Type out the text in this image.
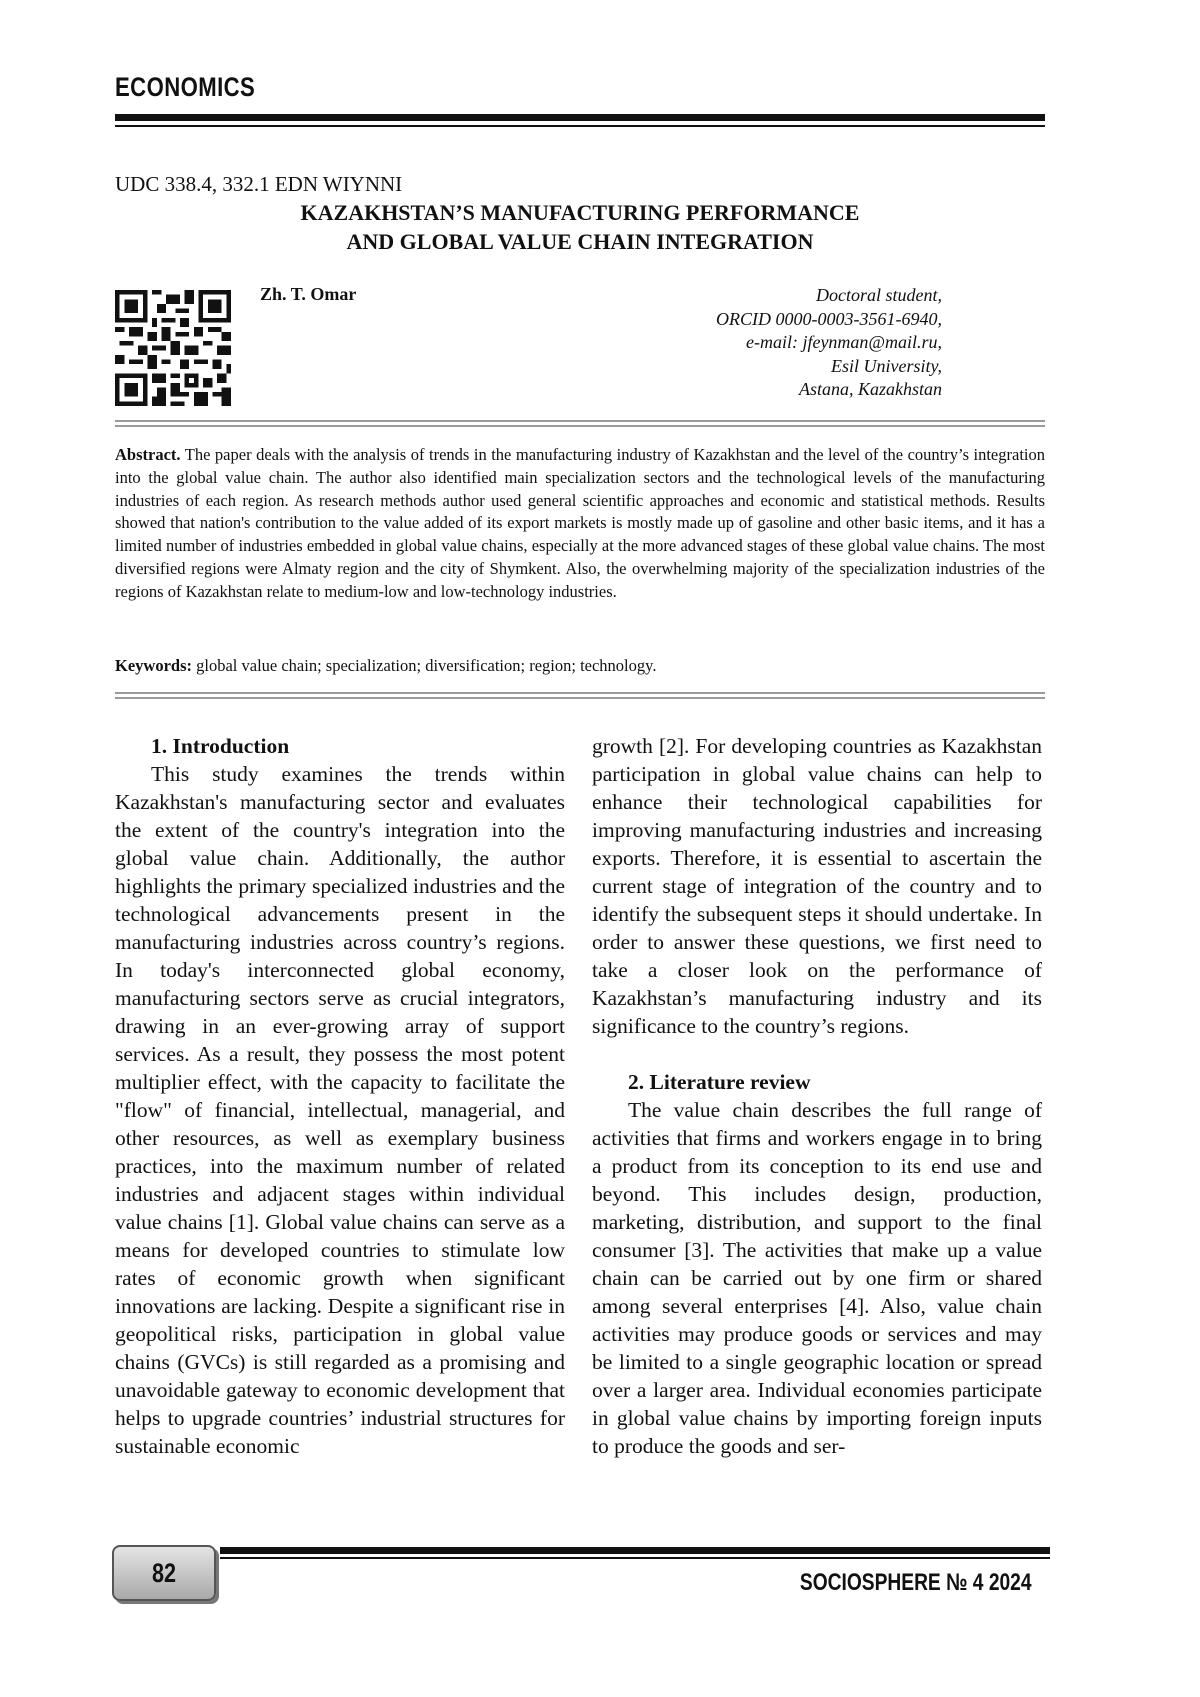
ECONOMICS
UDC 338.4, 332.1 EDN WIYNNI
KAZAKHSTAN’S MANUFACTURING PERFORMANCE
AND GLOBAL VALUE CHAIN INTEGRATION
Zh. T. Omar	Doctoral student,
ORCID 0000-0003-3561-6940,
e-mail: jfeynman@mail.ru,
Esil University,
Astana, Kazakhstan
Abstract. The paper deals with the analysis of trends in the manufacturing industry of Kazakhstan and the level of the country’s integration into the global value chain. The author also identified main specialization sectors and the technological levels of the manufacturing industries of each region. As research methods author used general scientific approaches and economic and statistical methods. Results showed that nation's contribution to the value added of its export markets is mostly made up of gasoline and other basic items, and it has a limited number of industries embedded in global value chains, especially at the more advanced stages of these global value chains. The most diversified regions were Almaty region and the city of Shymkent. Also, the overwhelming majority of the specialization industries of the regions of Kazakhstan relate to medium-low and low-technology industries.
Keywords: global value chain; specialization; diversification; region; technology.
1. Introduction

This study examines the trends within Kazakhstan's manufacturing sector and evaluates the extent of the country's integration into the global value chain. Additionally, the author highlights the primary specialized industries and the technological advancements present in the manufacturing industries across country’s regions. In today's interconnected global economy, manufacturing sectors serve as crucial integrators, drawing in an ever-growing array of support services. As a result, they possess the most potent multiplier effect, with the capacity to facilitate the "flow" of financial, intellectual, managerial, and other resources, as well as exemplary business practices, into the maximum number of related industries and adjacent stages within individual value chains [1]. Global value chains can serve as a means for developed countries to stimulate low rates of economic growth when significant innovations are lacking. Despite a significant rise in geopolitical risks, participation in global value chains (GVCs) is still regarded as a promising and unavoidable gateway to economic development that helps to upgrade countries’ industrial structures for sustainable economic

growth [2]. For developing countries as Kazakhstan participation in global value chains can help to enhance their technological capabilities for improving manufacturing industries and increasing exports. Therefore, it is essential to ascertain the current stage of integration of the country and to identify the subsequent steps it should undertake. In order to answer these questions, we first need to take a closer look on the performance of Kazakhstan’s manufacturing industry and its significance to the country’s regions.

2. Literature review

The value chain describes the full range of activities that firms and workers engage in to bring a product from its conception to its end use and beyond. This includes design, production, marketing, distribution, and support to the final consumer [3]. The activities that make up a value chain can be carried out by one firm or shared among several enterprises [4]. Also, value chain activities may produce goods or services and may be limited to a single geographic location or spread over a larger area. Individual economies participate in global value chains by importing foreign inputs to produce the goods and ser-

82	SOCIOSPHERE № 4 2024
